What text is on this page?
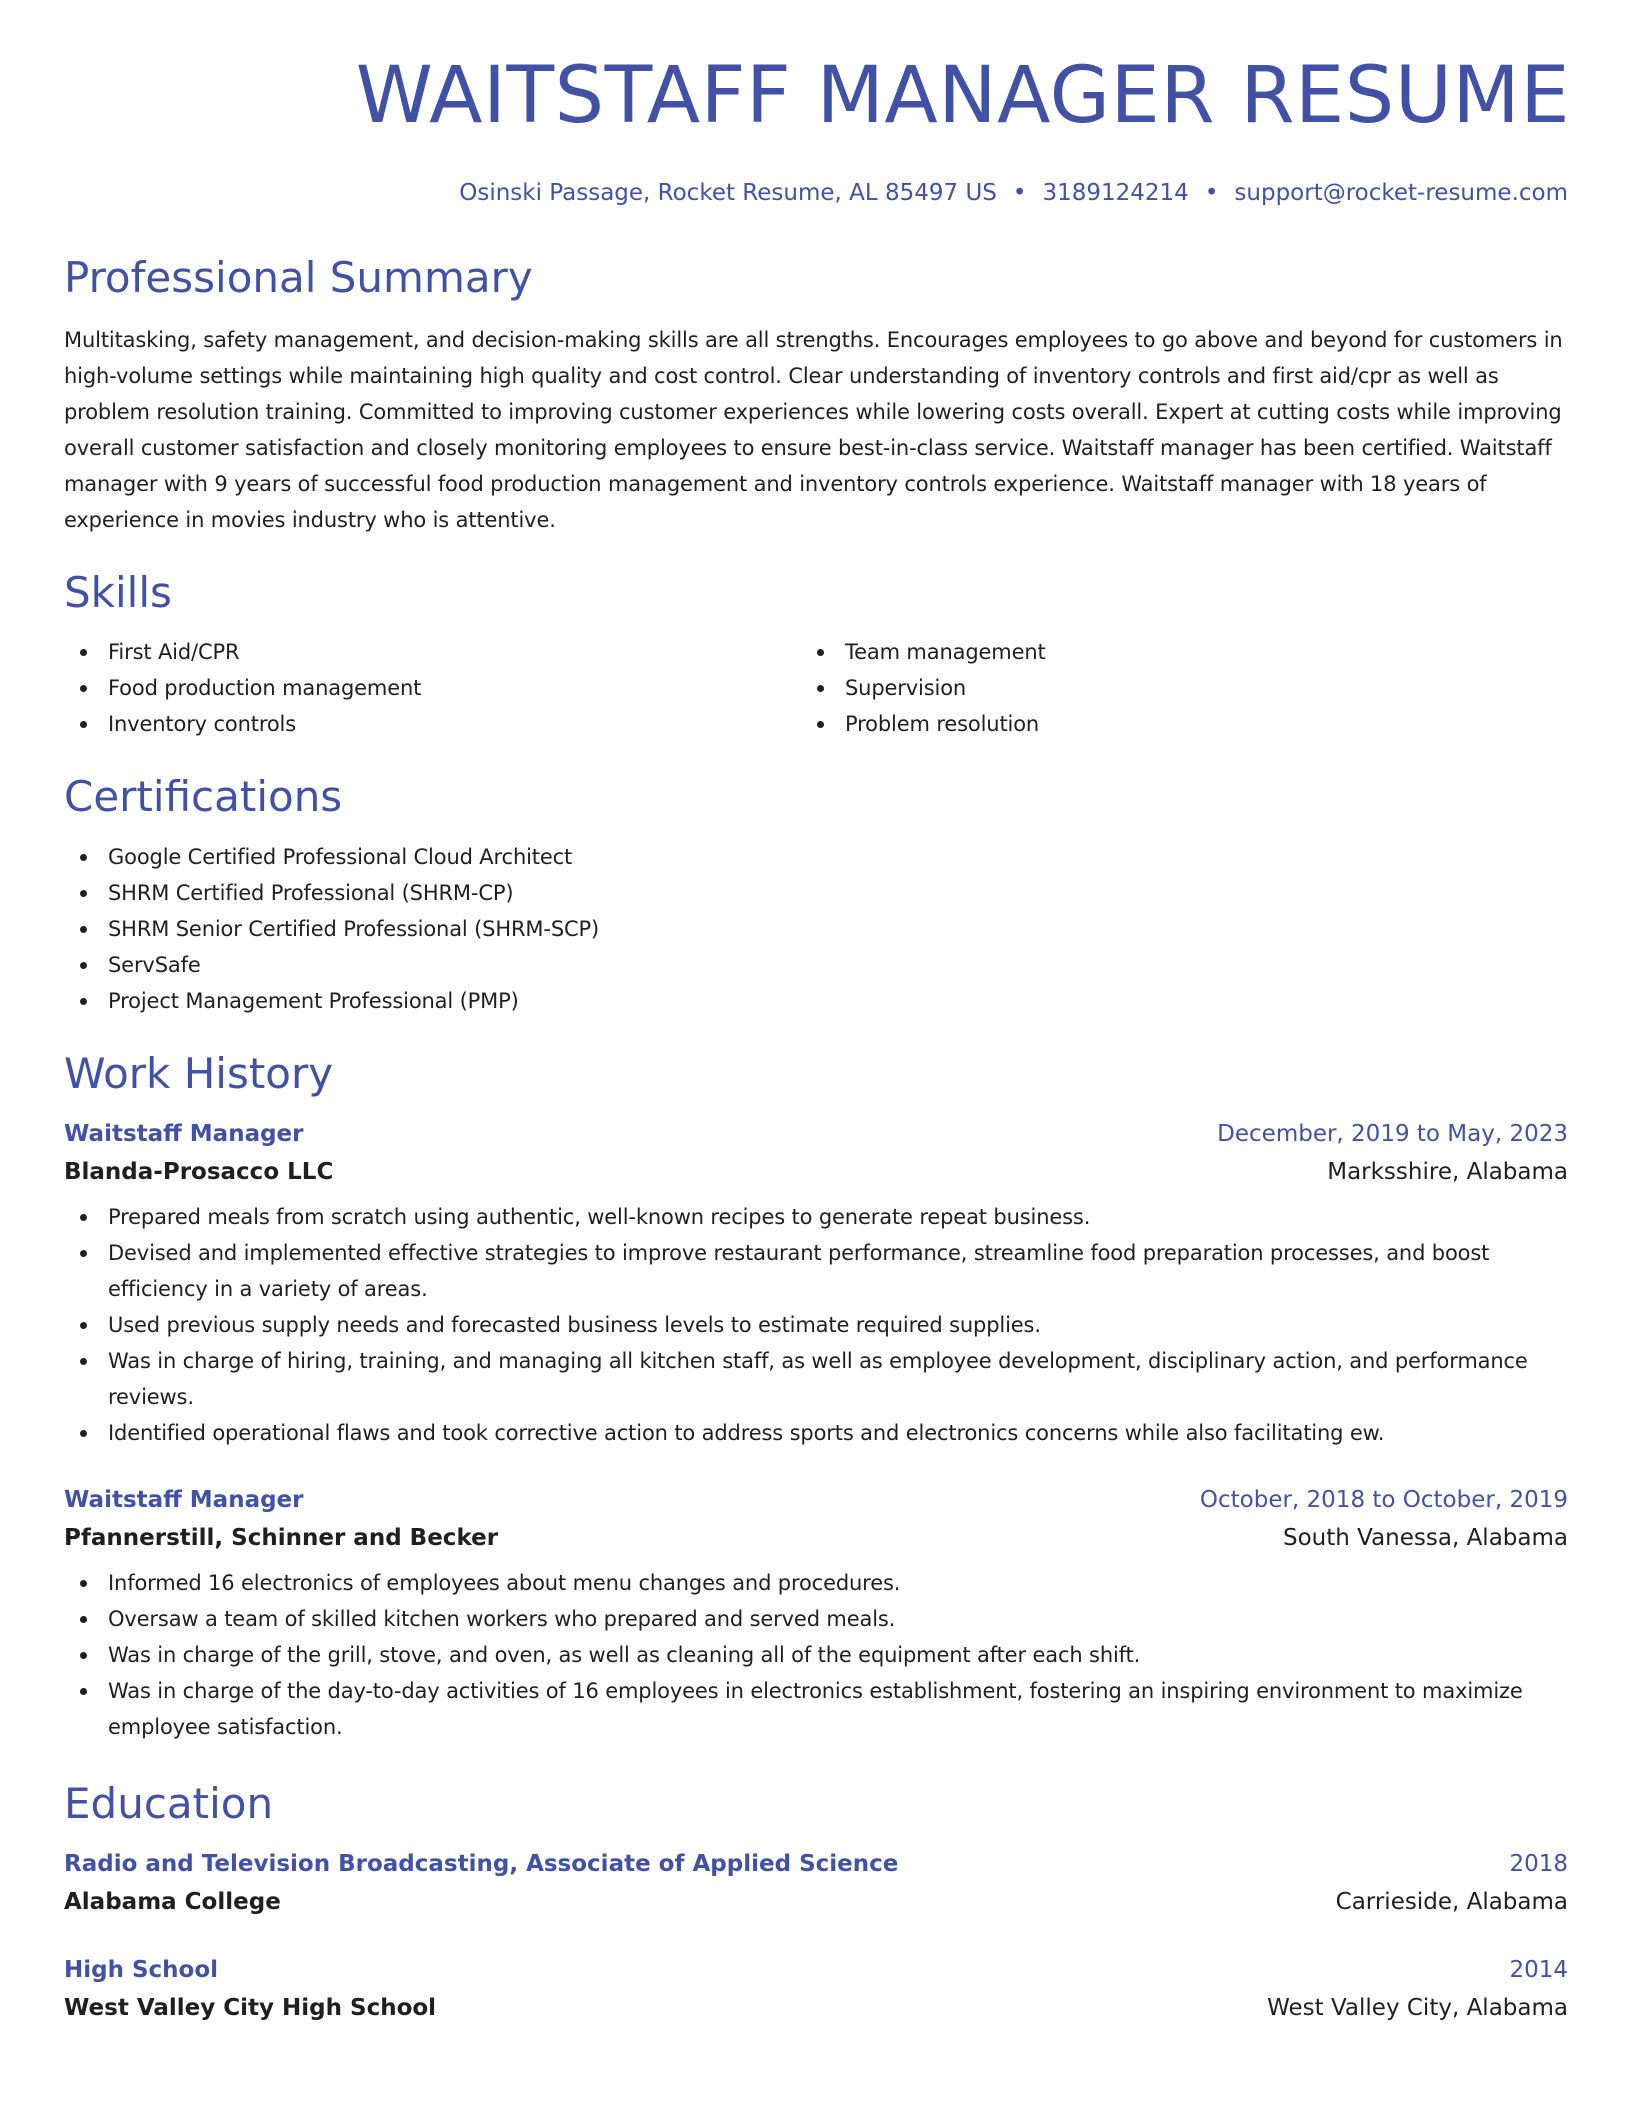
WAITSTAFF MANAGER RESUME
Osinski Passage, Rocket Resume, AL 85497 US • 3189124214 • support@rocket-resume.com
Professional Summary

Multitasking, safety management, and decision-making skills are all strengths. Encourages employees to go above and beyond for customers in high-volume settings while maintaining high quality and cost control. Clear understanding of inventory controls and first aid/cpr as well as problem resolution training. Committed to improving customer experiences while lowering costs overall. Expert at cutting costs while improving overall customer satisfaction and closely monitoring employees to ensure best-in-class service. Waitstaff manager has been certified. Waitstaff manager with 9 years of successful food production management and inventory controls experience. Waitstaff manager with 18 years of experience in movies industry who is attentive.

Skills
First Aid/CPR
Food production management
Inventory controls
Team management
Supervision
Problem resolution
Certifications
Google Certified Professional Cloud Architect
SHRM Certified Professional (SHRM-CP)
SHRM Senior Certified Professional (SHRM-SCP)
ServSafe
Project Management Professional (PMP)
Work History
Waitstaff Manager	December, 2019 to May, 2023
Blanda-Prosacco LLC	Marksshire, Alabama
Prepared meals from scratch using authentic, well-known recipes to generate repeat business.
Devised and implemented effective strategies to improve restaurant performance, streamline food preparation processes, and boost efficiency in a variety of areas.
Used previous supply needs and forecasted business levels to estimate required supplies.
Was in charge of hiring, training, and managing all kitchen staff, as well as employee development, disciplinary action, and performance reviews.
Identified operational flaws and took corrective action to address sports and electronics concerns while also facilitating ew.
Waitstaff Manager	October, 2018 to October, 2019
Pfannerstill, Schinner and Becker	South Vanessa, Alabama
Informed 16 electronics of employees about menu changes and procedures.
Oversaw a team of skilled kitchen workers who prepared and served meals.
Was in charge of the grill, stove, and oven, as well as cleaning all of the equipment after each shift.
Was in charge of the day-to-day activities of 16 employees in electronics establishment, fostering an inspiring environment to maximize employee satisfaction.
Education
Radio and Television Broadcasting, Associate of Applied Science	2018
Alabama College	Carrieside, Alabama
High School	2014
West Valley City High School	West Valley City, Alabama
